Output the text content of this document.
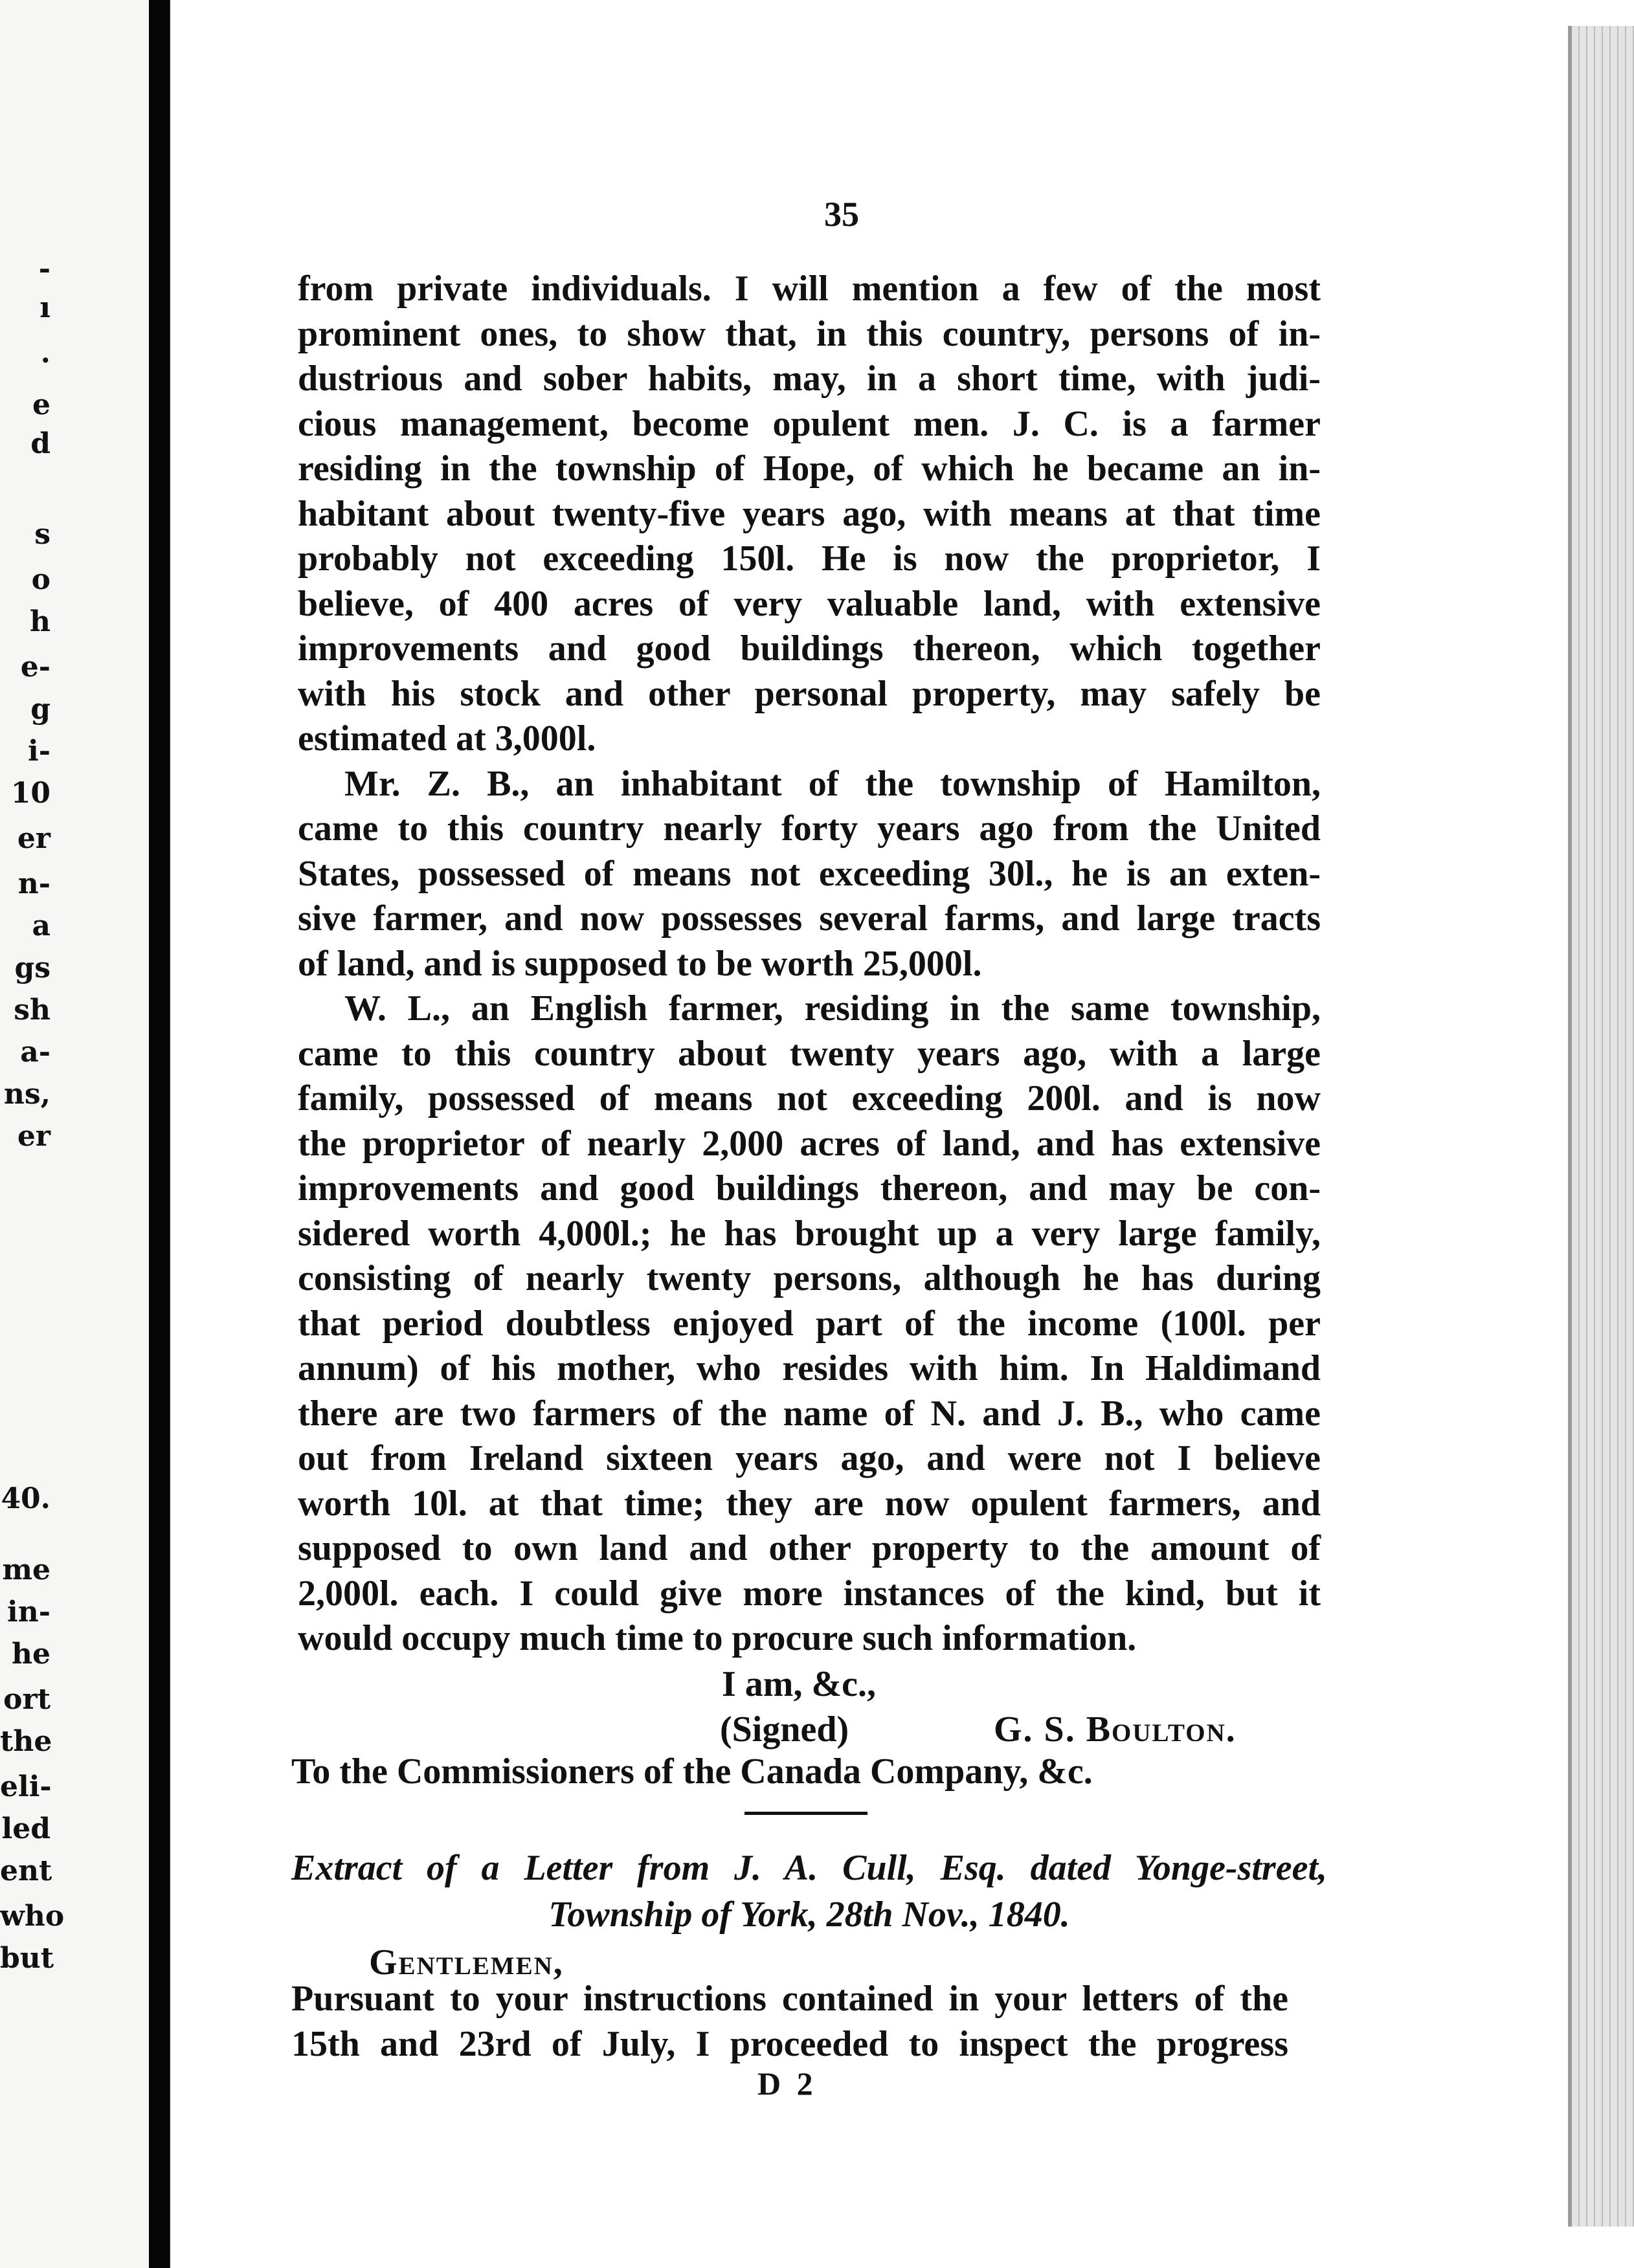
-
ı
.
e
d
s
o
h
e-
g
i-
10
er
n-
a
gs
sh
a-
ns,
er
40.
me
in-
he
ort
the
eli-
led
ent
who
but
35
from private individuals. I will mention a few of the most
prominent ones, to show that, in this country, persons of in-
dustrious and sober habits, may, in a short time, with judi-
cious management, become opulent men. J. C. is a farmer
residing in the township of Hope, of which he became an in-
habitant about twenty-five years ago, with means at that time
probably not exceeding 150l. He is now the proprietor, I
believe, of 400 acres of very valuable land, with extensive
improvements and good buildings thereon, which together
with his stock and other personal property, may safely be
estimated at 3,000l.
Mr. Z. B., an inhabitant of the township of Hamilton,
came to this country nearly forty years ago from the United
States, possessed of means not exceeding 30l., he is an exten-
sive farmer, and now possesses several farms, and large tracts
of land, and is supposed to be worth 25,000l.
W. L., an English farmer, residing in the same township,
came to this country about twenty years ago, with a large
family, possessed of means not exceeding 200l. and is now
the proprietor of nearly 2,000 acres of land, and has extensive
improvements and good buildings thereon, and may be con-
sidered worth 4,000l.; he has brought up a very large family,
consisting of nearly twenty persons, although he has during
that period doubtless enjoyed part of the income (100l. per
annum) of his mother, who resides with him. In Haldimand
there are two farmers of the name of N. and J. B., who came
out from Ireland sixteen years ago, and were not I believe
worth 10l. at that time; they are now opulent farmers, and
supposed to own land and other property to the amount of
2,000l. each. I could give more instances of the kind, but it
would occupy much time to procure such information.
I am, &c.,
(Signed)	G. S. Boulton.
To the Commissioners of the Canada Company, &c.
Extract of a Letter from J. A. Cull, Esq. dated Yonge-street,
Township of York, 28th Nov., 1840.
Gentlemen,
Pursuant to your instructions contained in your letters of the
15th and 23rd of July, I proceeded to inspect the progress
D 2
